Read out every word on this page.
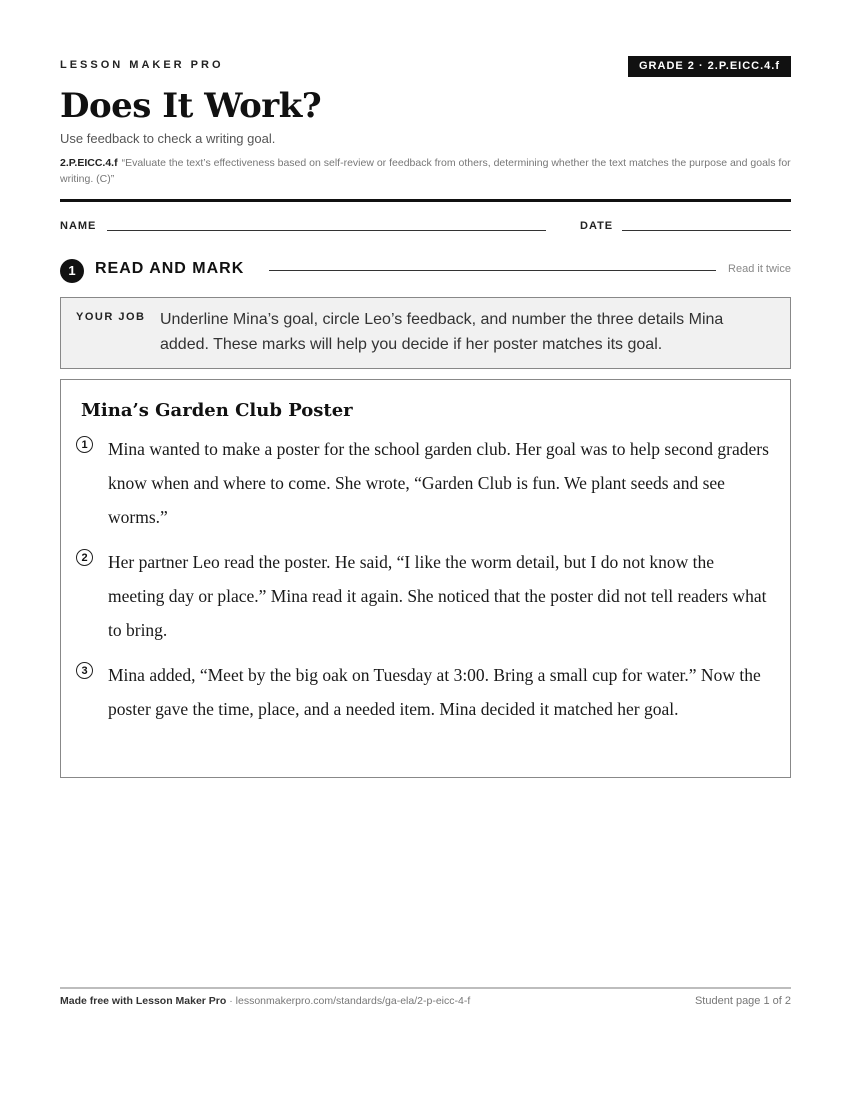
LESSON MAKER PRO	GRADE 2 · 2.P.EICC.4.f
Does It Work?
Use feedback to check a writing goal.
2.P.EICC.4.f “Evaluate the text’s effectiveness based on self-review or feedback from others, determining whether the text matches the purpose and goals for writing. (C)”
NAME	DATE
1	READ AND MARK	Read it twice
YOUR JOB Underline Mina’s goal, circle Leo’s feedback, and number the three details Mina added. These marks will help you decide if her poster matches its goal.
Mina’s Garden Club Poster
1	Mina wanted to make a poster for the school garden club. Her goal was to help second graders know when and where to come. She wrote, “Garden Club is fun. We plant seeds and see worms.”
2	Her partner Leo read the poster. He said, “I like the worm detail, but I do not know the meeting day or place.” Mina read it again. She noticed that the poster did not tell readers what to bring.
3	Mina added, “Meet by the big oak on Tuesday at 3:00. Bring a small cup for water.” Now the poster gave the time, place, and a needed item. Mina decided it matched her goal.
Made free with Lesson Maker Pro · lessonmakerpro.com/standards/ga-ela/2-p-eicc-4-f	Student page 1 of 2
